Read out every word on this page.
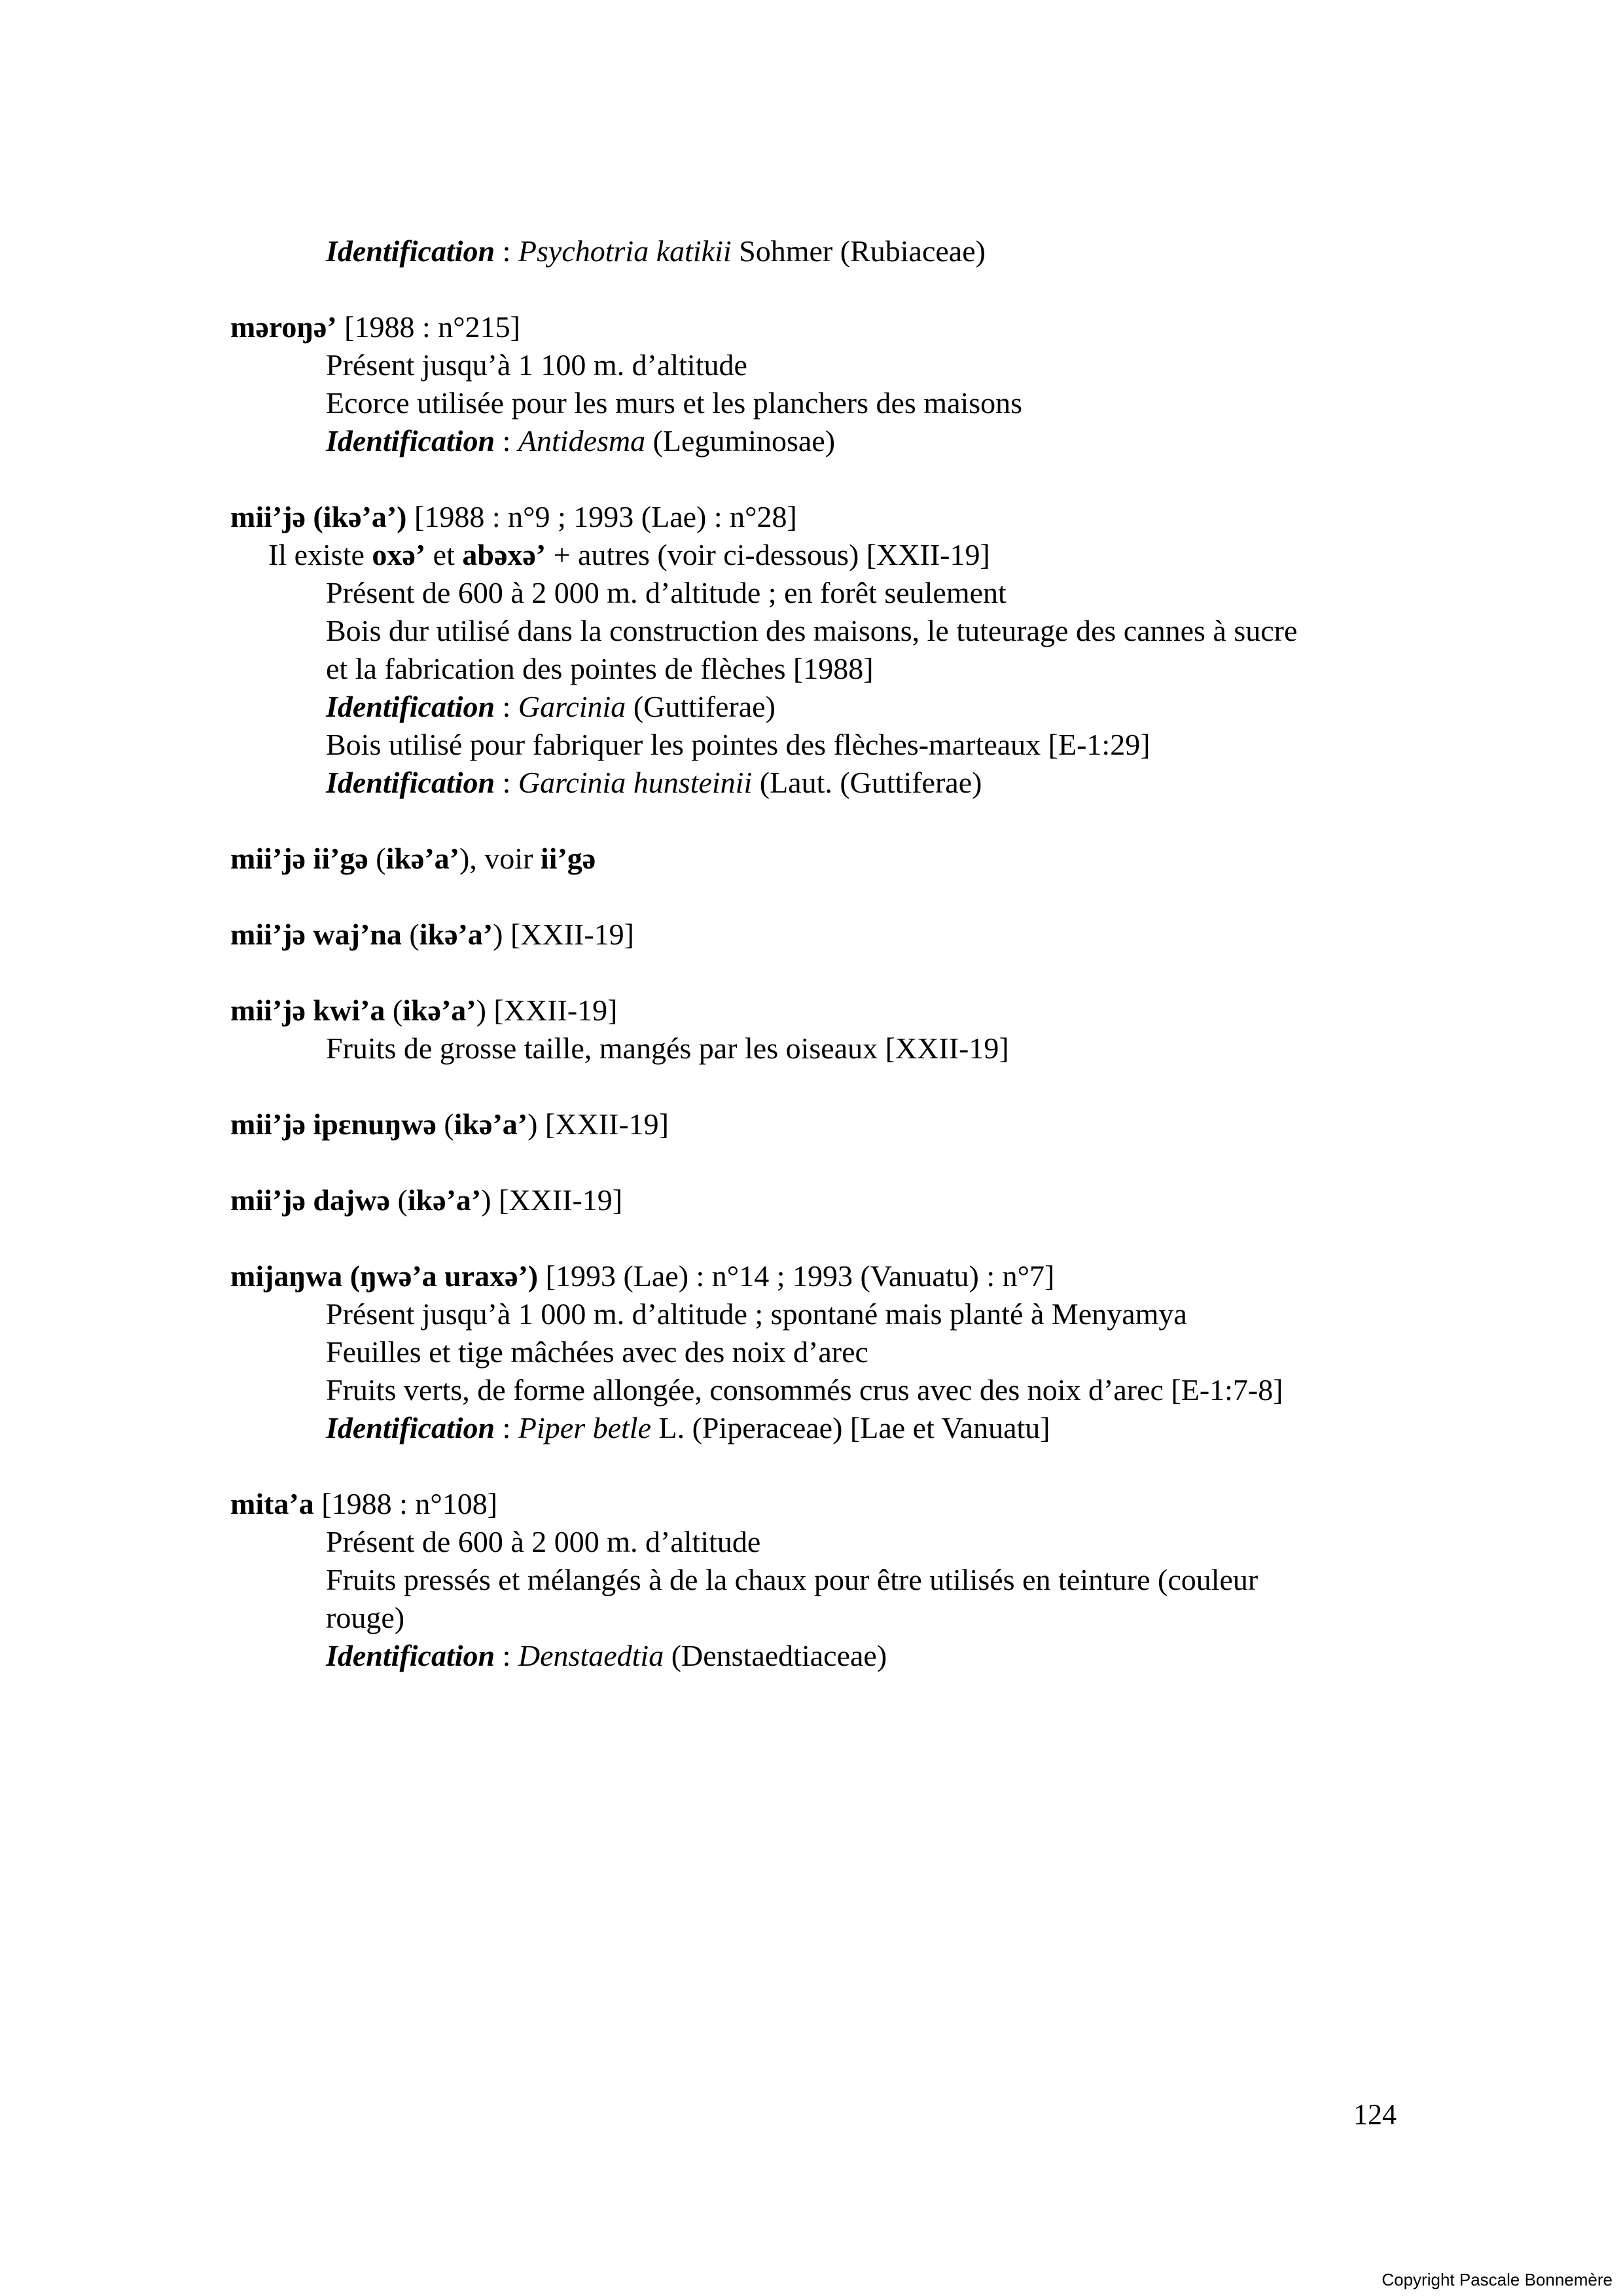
Identification : Psychotria katikii Sohmer (Rubiaceae)

məroŋə’ [1988 : n°215]

Présent jusqu’à 1 100 m. d’altitude

Ecorce utilisée pour les murs et les planchers des maisons

Identification : Antidesma (Leguminosae)

mii’jə (ikə’a’) [1988 : n°9 ; 1993 (Lae) : n°28]

Il existe oxə’ et abəxə’ + autres (voir ci-dessous) [XXII-19]

Présent de 600 à 2 000 m. d’altitude ; en forêt seulement

Bois dur utilisé dans la construction des maisons, le tuteurage des cannes à sucre

et la fabrication des pointes de flèches [1988]

Identification : Garcinia (Guttiferae)

Bois utilisé pour fabriquer les pointes des flèches-marteaux [E-1:29]

Identification : Garcinia hunsteinii (Laut. (Guttiferae)

mii’jə ii’gə (ikə’a’), voir ii’gə

mii’jə waj’na (ikə’a’) [XXII-19]

mii’jə kwi’a (ikə’a’) [XXII-19]

Fruits de grosse taille, mangés par les oiseaux [XXII-19]

mii’jə ipɛnuŋwə (ikə’a’) [XXII-19]

mii’jə dajwə (ikə’a’) [XXII-19]

mijaŋwa (ŋwə’a uraxə’) [1993 (Lae) : n°14 ; 1993 (Vanuatu) : n°7]

Présent jusqu’à 1 000 m. d’altitude ; spontané mais planté à Menyamya

Feuilles et tige mâchées avec des noix d’arec

Fruits verts, de forme allongée, consommés crus avec des noix d’arec [E-1:7-8]

Identification : Piper betle L. (Piperaceae) [Lae et Vanuatu]

mita’a [1988 : n°108]

Présent de 600 à 2 000 m. d’altitude

Fruits pressés et mélangés à de la chaux pour être utilisés en teinture (couleur

rouge)

Identification : Denstaedtia (Denstaedtiaceae)

124
Copyright Pascale Bonnemère
